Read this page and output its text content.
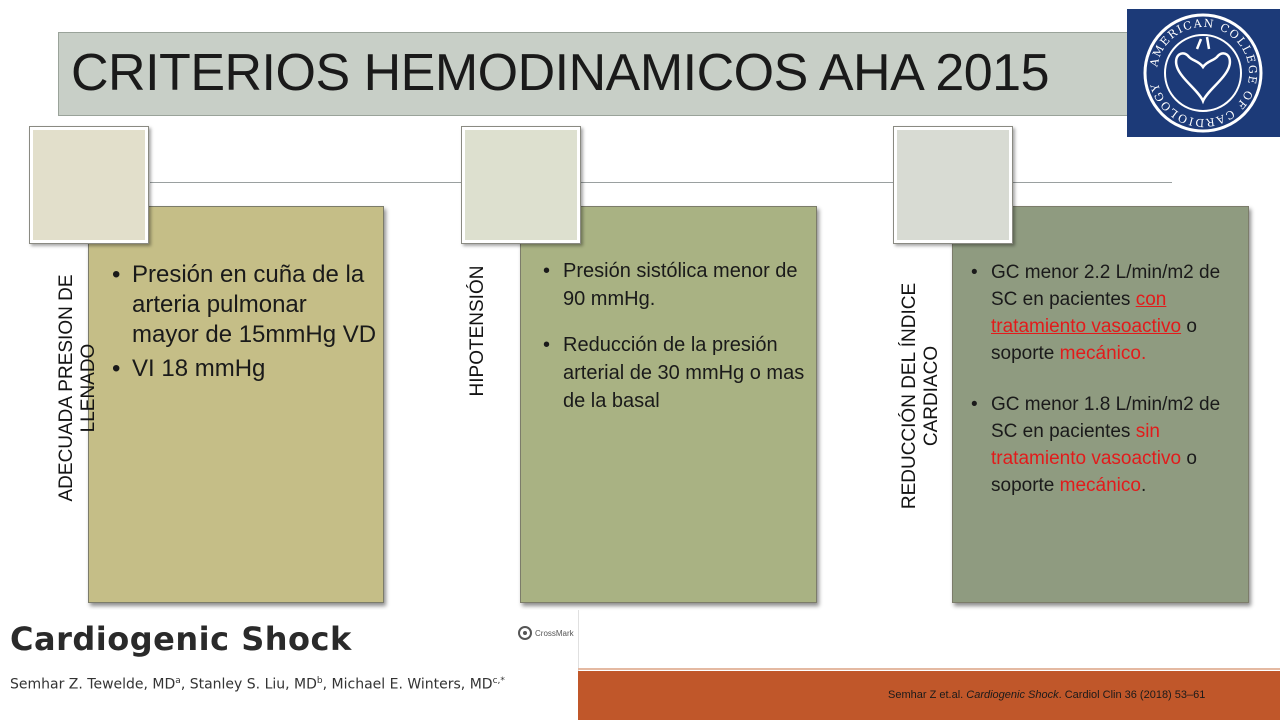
CRITERIOS HEMODINAMICOS AHA 2015	AMERICAN COLLEGE OF CARDIOLOGY
• Presión en cuña de la arteria pulmonar mayor de 15mmHg VD
• VI 18 mmHg
ADECUADA PRESION DE LLENADO
• Presión sistólica menor de 90 mmHg.
• Reducción de la presión arterial de 30 mmHg o mas de la basal
HIPOTENSIÓN
•	GC menor 2.2 L/min/m2 de SC en pacientes con tratamiento vasoactivo o soporte mecánico.
• GC menor 1.8 L/min/m2 de SC en pacientes sin tratamiento vasoactivo o soporte mecánico.
REDUCCIÓN DEL ÍNDICE CARDIACO
Cardiogenic Shock	CrossMark
Semhar Z. Tewelde, $MD^a$, Stanley S. Liu, $MD^b$, Michael E. Winters, $MD^{c,*}$
Semhar Z et.al. Cardiogenic Shock. Cardiol Clin 36 (2018) 53–61
